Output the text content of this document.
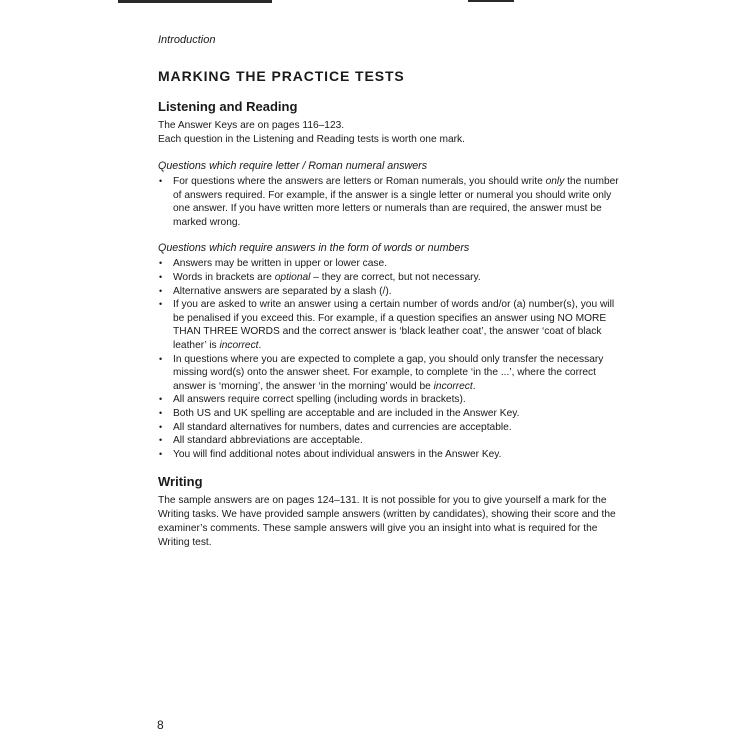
Introduction
MARKING THE PRACTICE TESTS
Listening and Reading

The Answer Keys are on pages 116–123.

Each question in the Listening and Reading tests is worth one mark.

Questions which require letter / Roman numeral answers
• For questions where the answers are letters or Roman numerals, you should write only the number of answers required. For example, if the answer is a single letter or numeral you should write only one answer. If you have written more letters or numerals than are required, the answer must be marked wrong.
Questions which require answers in the form of words or numbers
• Answers may be written in upper or lower case.
• Words in brackets are optional – they are correct, but not necessary.
• Alternative answers are separated by a slash (/).
• If you are asked to write an answer using a certain number of words and/or (a) number(s), you will be penalised if you exceed this. For example, if a question specifies an answer using NO MORE THAN THREE WORDS and the correct answer is ‘black leather coat’, the answer ‘coat of black leather’ is incorrect.
• In questions where you are expected to complete a gap, you should only transfer the necessary missing word(s) onto the answer sheet. For example, to complete ‘in the ...’, where the correct answer is ‘morning’, the answer ‘in the morning’ would be incorrect.
• All answers require correct spelling (including words in brackets).
• Both US and UK spelling are acceptable and are included in the Answer Key.
• All standard alternatives for numbers, dates and currencies are acceptable.
• All standard abbreviations are acceptable.
• You will find additional notes about individual answers in the Answer Key.
Writing

The sample answers are on pages 124–131. It is not possible for you to give yourself a mark for the Writing tasks. We have provided sample answers (written by candidates), showing their score and the examiner’s comments. These sample answers will give you an insight into what is required for the Writing test.

8
